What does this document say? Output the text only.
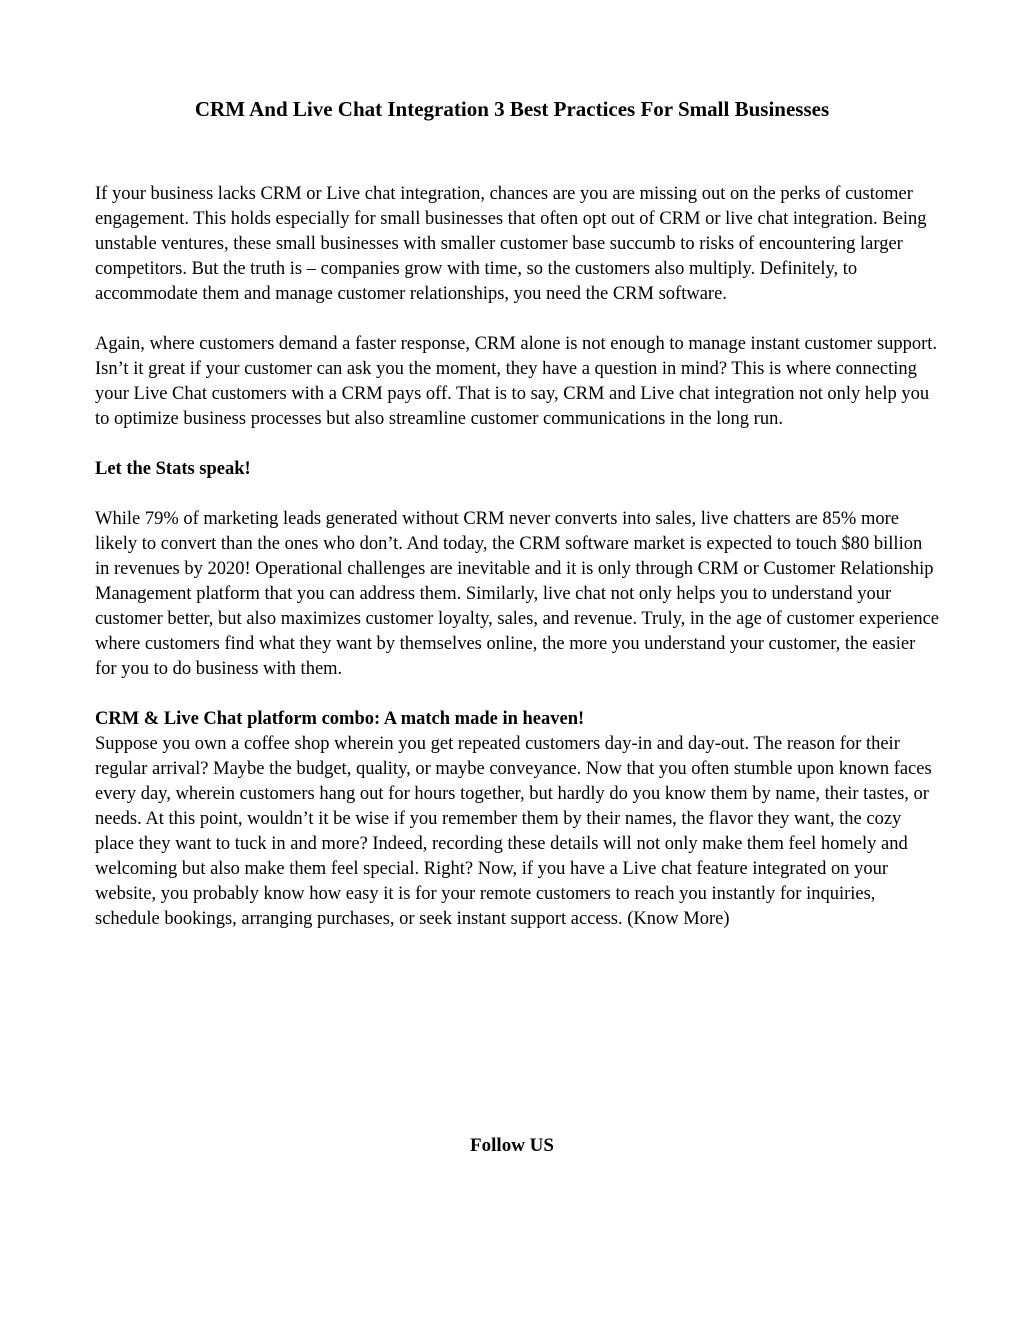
CRM And Live Chat Integration 3 Best Practices For Small Businesses

If your business lacks CRM or Live chat integration, chances are you are missing out on the perks of customer engagement. This holds especially for small businesses that often opt out of CRM or live chat integration. Being unstable ventures, these small businesses with smaller customer base succumb to risks of encountering larger competitors. But the truth is – companies grow with time, so the customers also multiply. Definitely, to accommodate them and manage customer relationships, you need the CRM software.

Again, where customers demand a faster response, CRM alone is not enough to manage instant customer support. Isn’t it great if your customer can ask you the moment, they have a question in mind? This is where connecting your Live Chat customers with a CRM pays off. That is to say, CRM and Live chat integration not only help you to optimize business processes but also streamline customer communications in the long run.

Let the Stats speak!

While 79% of marketing leads generated without CRM never converts into sales, live chatters are 85% more likely to convert than the ones who don’t. And today, the CRM software market is expected to touch $80 billion in revenues by 2020! Operational challenges are inevitable and it is only through CRM or Customer Relationship Management platform that you can address them. Similarly, live chat not only helps you to understand your customer better, but also maximizes customer loyalty, sales, and revenue. Truly, in the age of customer experience where customers find what they want by themselves online, the more you understand your customer, the easier for you to do business with them.

CRM & Live Chat platform combo: A match made in heaven!

Suppose you own a coffee shop wherein you get repeated customers day-in and day-out. The reason for their regular arrival? Maybe the budget, quality, or maybe conveyance. Now that you often stumble upon known faces every day, wherein customers hang out for hours together, but hardly do you know them by name, their tastes, or needs. At this point, wouldn’t it be wise if you remember them by their names, the flavor they want, the cozy place they want to tuck in and more? Indeed, recording these details will not only make them feel homely and welcoming but also make them feel special. Right? Now, if you have a Live chat feature integrated on your website, you probably know how easy it is for your remote customers to reach you instantly for inquiries, schedule bookings, arranging purchases, or seek instant support access. (Know More)

Follow US
